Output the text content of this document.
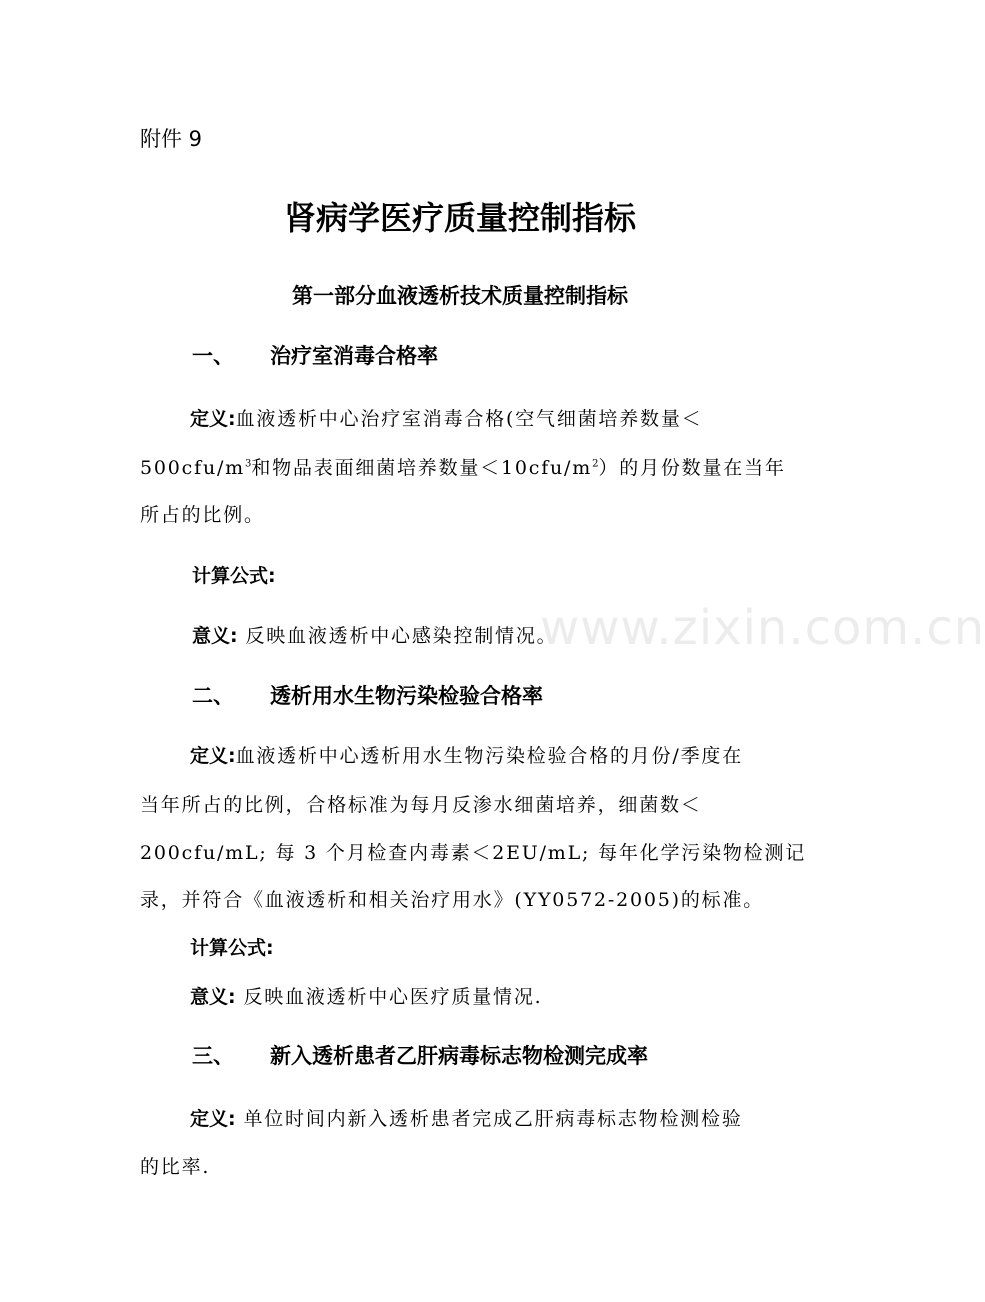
www.zixin.com.cn
附件 9
肾病学医疗质量控制指标
第一部分血液透析技术质量控制指标
一、 治疗室消毒合格率
定义:血液透析中心治疗室消毒合格(空气细菌培养数量＜
$500cfu/m^3$和物品表面细菌培养数量$<10cfu/m^2$）的月份数量在当年
所占的比例。
计算公式:
意义: 反映血液透析中心感染控制情况。
二、 透析用水生物污染检验合格率
定义:血液透析中心透析用水生物污染检验合格的月份/季度在
当年所占的比例，合格标准为每月反渗水细菌培养，细菌数＜
200cfu/mL; 每 3 个月检查内毒素＜2EU/mL; 每年化学污染物检测记
录，并符合《血液透析和相关治疗用水》(YY0572-2005)的标准。
计算公式:
意义: 反映血液透析中心医疗质量情况.
三、 新入透析患者乙肝病毒标志物检测完成率
定义: 单位时间内新入透析患者完成乙肝病毒标志物检测检验
的比率.
